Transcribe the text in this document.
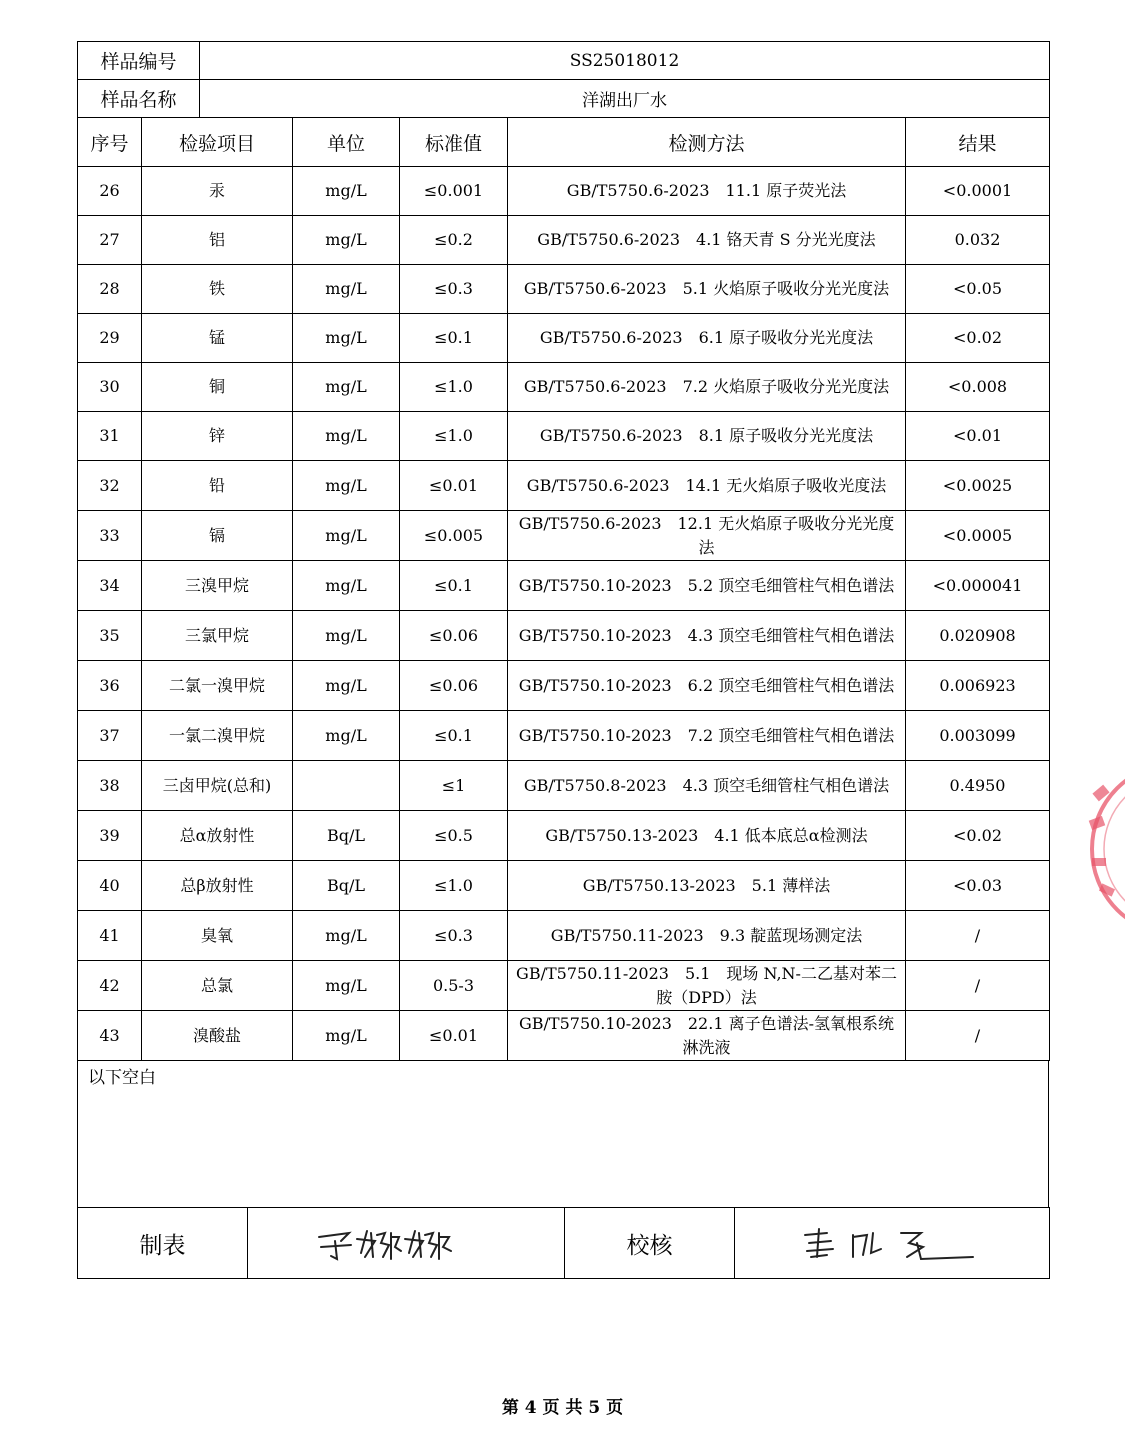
样品编号	SS25018012
样品名称	洋湖出厂水
序号	检验项目	单位	标准值	检测方法	结果
26	汞	mg/L	≤0.001	GB/T5750.6-2023　11.1 原子荧光法	<0.0001
27	铝	mg/L	≤0.2	GB/T5750.6-2023　4.1 铬天青 S 分光光度法	0.032
28	铁	mg/L	≤0.3	GB/T5750.6-2023　5.1 火焰原子吸收分光光度法	<0.05
29	锰	mg/L	≤0.1	GB/T5750.6-2023　6.1 原子吸收分光光度法	<0.02
30	铜	mg/L	≤1.0	GB/T5750.6-2023　7.2 火焰原子吸收分光光度法	<0.008
31	锌	mg/L	≤1.0	GB/T5750.6-2023　8.1 原子吸收分光光度法	<0.01
32	铅	mg/L	≤0.01	GB/T5750.6-2023　14.1 无火焰原子吸收光度法	<0.0025
33	镉	mg/L	≤0.005	GB/T5750.6-2023　12.1 无火焰原子吸收分光光度法	<0.0005
34	三溴甲烷	mg/L	≤0.1	GB/T5750.10-2023　5.2 顶空毛细管柱气相色谱法	<0.000041
35	三氯甲烷	mg/L	≤0.06	GB/T5750.10-2023　4.3 顶空毛细管柱气相色谱法	0.020908
36	二氯一溴甲烷	mg/L	≤0.06	GB/T5750.10-2023　6.2 顶空毛细管柱气相色谱法	0.006923
37	一氯二溴甲烷	mg/L	≤0.1	GB/T5750.10-2023　7.2 顶空毛细管柱气相色谱法	0.003099
38	三卤甲烷(总和)		≤1	GB/T5750.8-2023　4.3 顶空毛细管柱气相色谱法	0.4950
39	总α放射性	Bq/L	≤0.5	GB/T5750.13-2023　4.1 低本底总α检测法	<0.02
40	总β放射性	Bq/L	≤1.0	GB/T5750.13-2023　5.1 薄样法	<0.03
41	臭氧	mg/L	≤0.3	GB/T5750.11-2023　9.3 靛蓝现场测定法	/
42	总氯	mg/L	0.5-3	GB/T5750.11-2023　5.1　现场 N,N-二乙基对苯二胺（DPD）法	/
43	溴酸盐	mg/L	≤0.01	GB/T5750.10-2023　22.1 离子色谱法-氢氧根系统淋洗液	/
以下空白
制表		校核	
第 4 页 共 5 页
